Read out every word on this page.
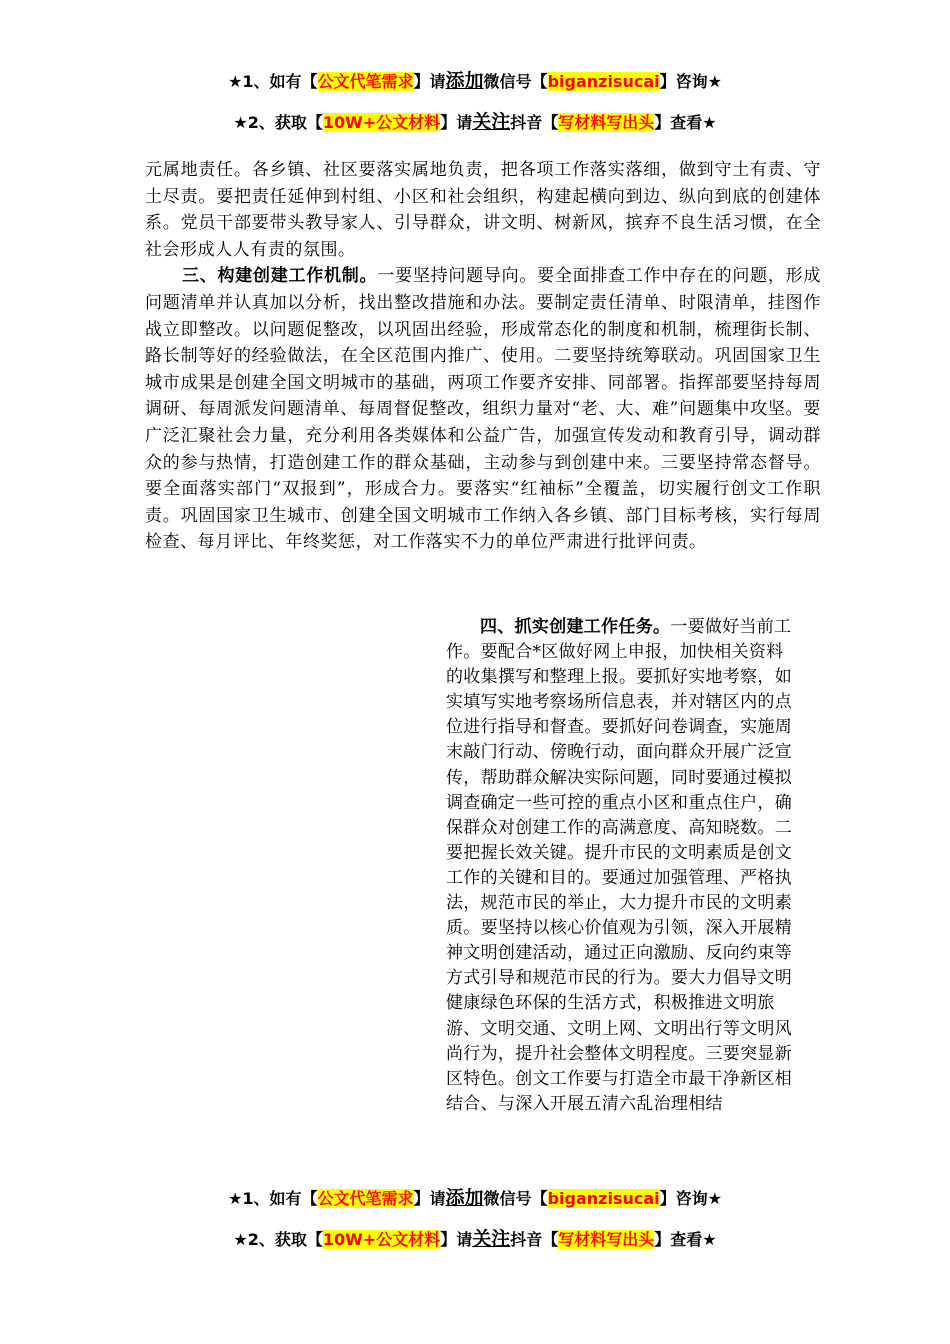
★1、如有【公文代笔需求】请添加微信号【biganzisucai】咨询★
★2、获取【10W+公文材料】请关注抖音【写材料写出头】查看★

元属地责任。各乡镇、社区要落实属地负责，把各项工作落实落细，做到守土有责、守土尽责。要把责任延伸到村组、小区和社会组织，构建起横向到边、纵向到底的创建体系。党员干部要带头教导家人、引导群众，讲文明、树新风，摈弃不良生活习惯，在全社会形成人人有责的氛围。

三、构建创建工作机制。一要坚持问题导向。要全面排查工作中存在的问题，形成问题清单并认真加以分析，找出整改措施和办法。要制定责任清单、时限清单，挂图作战立即整改。以问题促整改，以巩固出经验，形成常态化的制度和机制，梳理街长制、路长制等好的经验做法，在全区范围内推广、使用。二要坚持统筹联动。巩固国家卫生城市成果是创建全国文明城市的基础，两项工作要齐安排、同部署。指挥部要坚持每周调研、每周派发问题清单、每周督促整改，组织力量对“老、大、难”问题集中攻坚。要广泛汇聚社会力量，充分利用各类媒体和公益广告，加强宣传发动和教育引导，调动群众的参与热情，打造创建工作的群众基础，主动参与到创建中来。三要坚持常态督导。要全面落实部门“双报到”，形成合力。要落实“红袖标”全覆盖，切实履行创文工作职责。巩固国家卫生城市、创建全国文明城市工作纳入各乡镇、部门目标考核，实行每周检查、每月评比、年终奖惩，对工作落实不力的单位严肃进行批评问责。

四、抓实创建工作任务。一要做好当前工作。要配合*区做好网上申报，加快相关资料的收集撰写和整理上报。要抓好实地考察，如实填写实地考察场所信息表，并对辖区内的点位进行指导和督查。要抓好问卷调查，实施周末敲门行动、傍晚行动，面向群众开展广泛宣传，帮助群众解决实际问题，同时要通过模拟调查确定一些可控的重点小区和重点住户，确保群众对创建工作的高满意度、高知晓数。二要把握长效关键。提升市民的文明素质是创文工作的关键和目的。要通过加强管理、严格执法，规范市民的举止，大力提升市民的文明素质。要坚持以核心价值观为引领，深入开展精神文明创建活动，通过正向激励、反向约束等方式引导和规范市民的行为。要大力倡导文明健康绿色环保的生活方式，积极推进文明旅游、文明交通、文明上网、文明出行等文明风尚行为，提升社会整体文明程度。三要突显新区特色。创文工作要与打造全市最干净新区相结合、与深入开展五清六乱治理相结

★1、如有【公文代笔需求】请添加微信号【biganzisucai】咨询★
★2、获取【10W+公文材料】请关注抖音【写材料写出头】查看★
